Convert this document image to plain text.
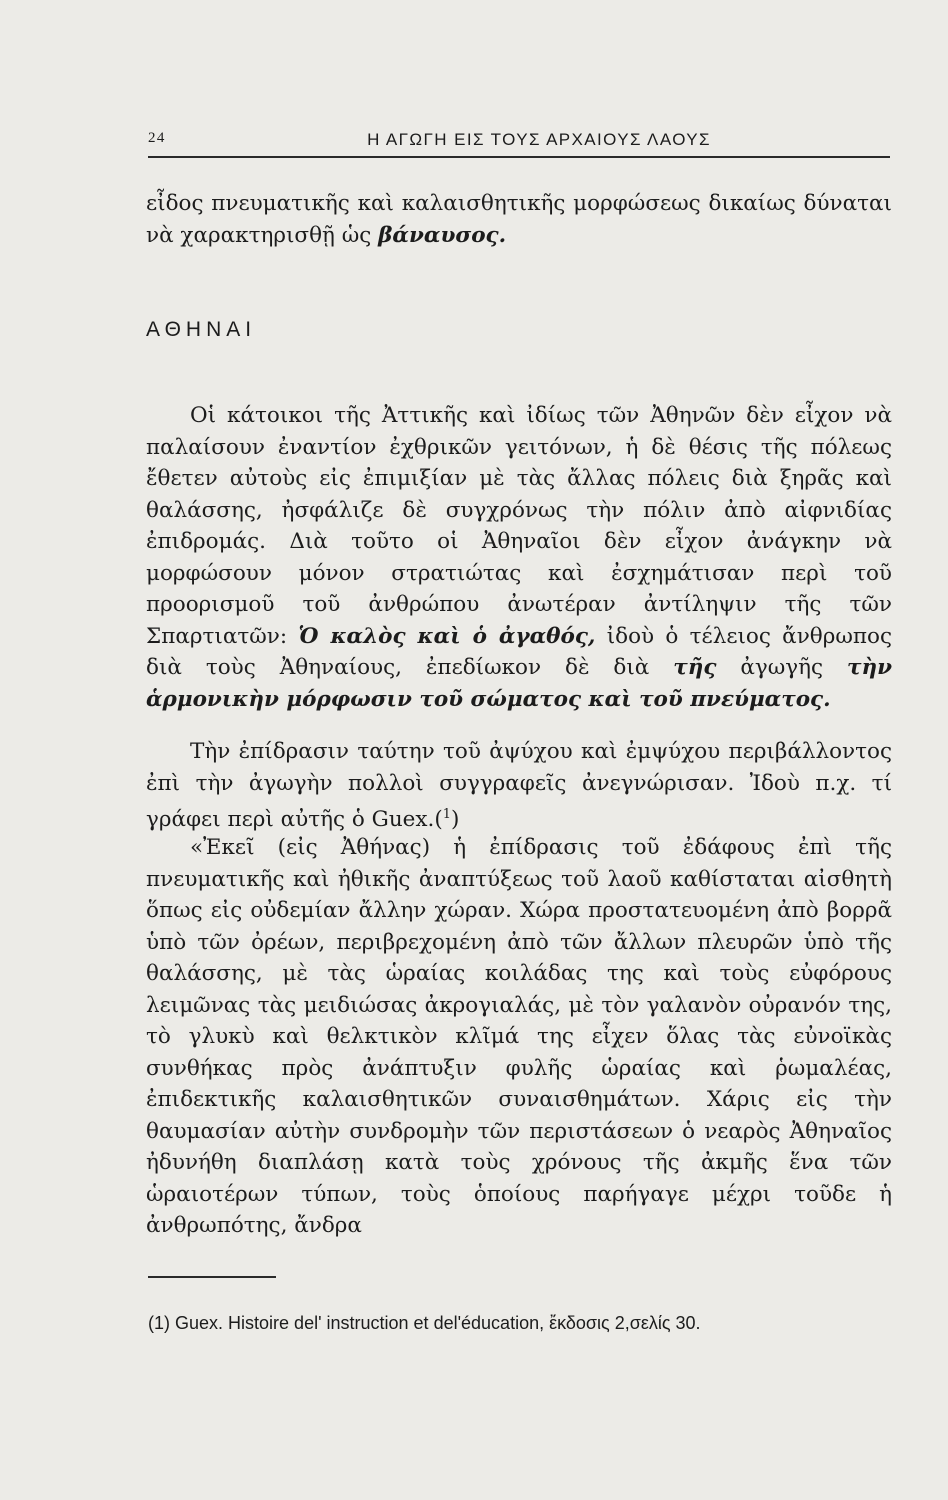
24	Η ΑΓΩΓΗ ΕΙΣ ΤΟΥΣ ΑΡΧΑΙΟΥΣ ΛΑΟΥΣ

εἶδος πνευματικῆς καὶ καλαισθητικῆς μορφώσεως δικαίως δύναται νὰ χαρακτηρισθῇ ὡς βάναυσος.

ΑΘΗΝΑΙ

Οἱ κάτοικοι τῆς Ἀττικῆς καὶ ἰδίως τῶν Ἀθηνῶν δὲν εἶχον νὰ παλαίσουν ἐναντίον ἐχθρικῶν γειτόνων, ἡ δὲ θέσις τῆς πόλεως ἔθετεν αὐτοὺς εἰς ἐπιμιξίαν μὲ τὰς ἄλλας πόλεις διὰ ξηρᾶς καὶ θαλάσσης, ἠσφάλιζε δὲ συγχρόνως τὴν πόλιν ἀπὸ αἰφνιδίας ἐπιδρομάς. Διὰ τοῦτο οἱ Ἀθηναῖοι δὲν εἶχον ἀνάγκην νὰ μορφώσουν μόνον στρατιώτας καὶ ἐσχημάτισαν περὶ τοῦ προορισμοῦ τοῦ ἀνθρώπου ἀνωτέραν ἀντίληψιν τῆς τῶν Σπαρτιατῶν: Ὁ καλὸς καὶ ὁ ἀγαθός, ἰδοὺ ὁ τέλειος ἄνθρωπος διὰ τοὺς Ἀθηναίους, ἐπεδίωκον δὲ διὰ τῆς ἀγωγῆς τὴν ἁρμονικὴν μόρφωσιν τοῦ σώματος καὶ τοῦ πνεύματος.

Τὴν ἐπίδρασιν ταύτην τοῦ ἀψύχου καὶ ἐμψύχου περιβάλλοντος ἐπὶ τὴν ἀγωγὴν πολλοὶ συγγραφεῖς ἀνεγνώρισαν. Ἰδοὺ π.χ. τί γράφει περὶ αὐτῆς ὁ Guex.($^1$)

«Ἐκεῖ (εἰς Ἀθήνας) ἡ ἐπίδρασις τοῦ ἐδάφους ἐπὶ τῆς πνευματικῆς καὶ ἠθικῆς ἀναπτύξεως τοῦ λαοῦ καθίσταται αἰσθητὴ ὅπως εἰς οὐδεμίαν ἄλλην χώραν. Χώρα προστατευομένη ἀπὸ βορρᾶ ὑπὸ τῶν ὀρέων, περιβρεχομένη ἀπὸ τῶν ἄλλων πλευρῶν ὑπὸ τῆς θαλάσσης, μὲ τὰς ὡραίας κοιλάδας της καὶ τοὺς εὐφόρους λειμῶνας τὰς μειδιώσας ἀκρογιαλάς, μὲ τὸν γαλανὸν οὐρανόν της, τὸ γλυκὺ καὶ θελκτικὸν κλῖμά της εἶχεν ὅλας τὰς εὐνοϊκὰς συνθήκας πρὸς ἀνάπτυξιν φυλῆς ὡραίας καὶ ῥωμαλέας, ἐπιδεκτικῆς καλαισθητικῶν συναισθημάτων. Χάρις εἰς τὴν θαυμασίαν αὐτὴν συνδρομὴν τῶν περιστάσεων ὁ νεαρὸς Ἀθηναῖος ἠδυνήθη διαπλάσῃ κατὰ τοὺς χρόνους τῆς ἀκμῆς ἕνα τῶν ὡραιοτέρων τύπων, τοὺς ὁποίους παρήγαγε μέχρι τοῦδε ἡ ἀνθρωπότης, ἄνδρα

(1) Guex. Histoire del' instruction et del'éducation, ἔκδοσις 2,σελίς 30.
